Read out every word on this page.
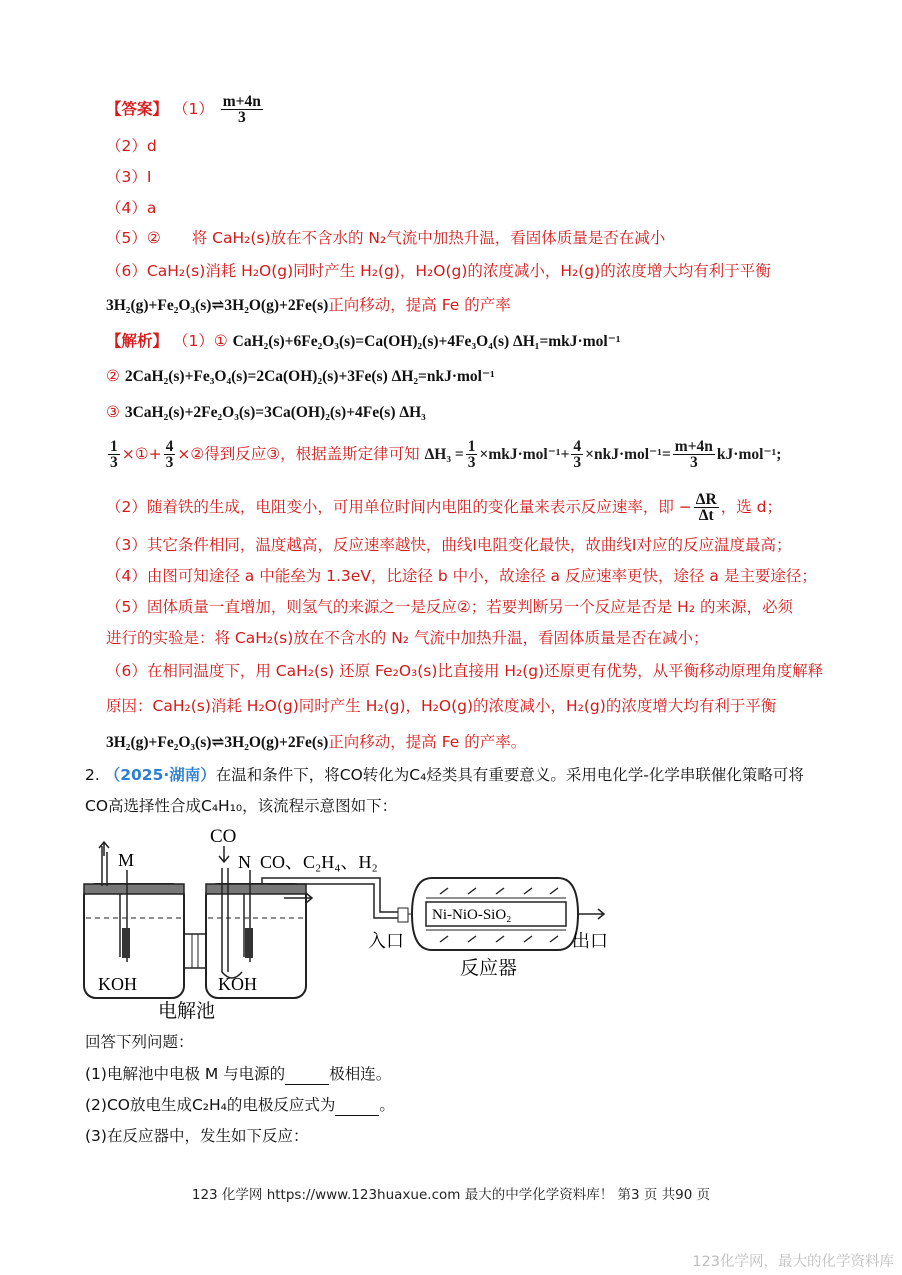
【答案】 $(1) \frac{m+4n}{3}$
（2）d
（3）I
（4）a
（5）② 将 CaH₂(s)放在不含水的 N₂气流中加热升温，看固体质量是否在减小
（6）CaH₂(s)消耗 H₂O(g)同时产生 H₂(g)，H₂O(g)的浓度减小，H₂(g)的浓度增大均有利于平衡
3H₂(g)+Fe₂O₃(s)⇌3H₂O(g)+2Fe(s)正向移动，提高 Fe 的产率
【解析】 （1）① CaH₂(s)+6Fe₂O₃(s)=Ca(OH)₂(s)+4Fe₃O₄(s) ΔH₁=mkJ·mol⁻¹
② 2CaH₂(s)+Fe₃O₄(s)=2Ca(OH)₂(s)+3Fe(s) ΔH₂=nkJ·mol⁻¹
③ 3CaH₂(s)+2Fe₂O₃(s)=3Ca(OH)₂(s)+4Fe(s) ΔH₃
$\frac{1}{3}$ ×①+ $\frac{4}{3}$ ×②得到反应③，根据盖斯定律可知 $\Delta H_3 = \frac{1}{3} \times mkJ\cdot mol^{-1}+ \frac{4}{3} \times nkJ\cdot mol^{-1}= \frac{m+4n}{3} kJ\cdot mol^{-1}$;
（2）随着铁的生成，电阻变小，可用单位时间内电阻的变化量来表示反应速率，即 − $\frac{\Delta R}{\Delta t}$ ，选 d；
（3）其它条件相同，温度越高，反应速率越快，曲线I电阻变化最快，故曲线I对应的反应温度最高；
（4）由图可知途径 a 中能垒为 1.3eV，比途径 b 中小，故途径 a 反应速率更快，途径 a 是主要途径；
（5）固体质量一直增加，则氢气的来源之一是反应②；若要判断另一个反应是否是 H₂ 的来源，必须
进行的实验是：将 CaH₂(s)放在不含水的 N₂ 气流中加热升温，看固体质量是否在减小；
（6）在相同温度下，用 CaH₂(s) 还原 Fe₂O₃(s)比直接用 H₂(g)还原更有优势，从平衡移动原理角度解释
原因：CaH₂(s)消耗 H₂O(g)同时产生 H₂(g)，H₂O(g)的浓度减小，H₂(g)的浓度增大均有利于平衡
3H₂(g)+Fe₂O₃(s)⇌3H₂O(g)+2Fe(s)正向移动，提高 Fe 的产率。
2. （2025·湖南）在温和条件下，将CO转化为C₄烃类具有重要意义。采用电化学-化学串联催化策略可将
CO高选择性合成C₄H₁₀，该流程示意图如下：
M
KOH
CO
N
KOH
电解池
CO、C₂H₄、H₂
Ni-NiO-SiO₂
入口	出口
反应器
回答下列问题：
(1)电解池中电极 M 与电源的	极相连。
(2)CO放电生成C₂H₄的电极反应式为	。
(3)在反应器中，发生如下反应：
123 化学网 https://www.123huaxue.com 最大的中学化学资料库！ 第3 页 共90 页
123化学网，最大的化学资料库
